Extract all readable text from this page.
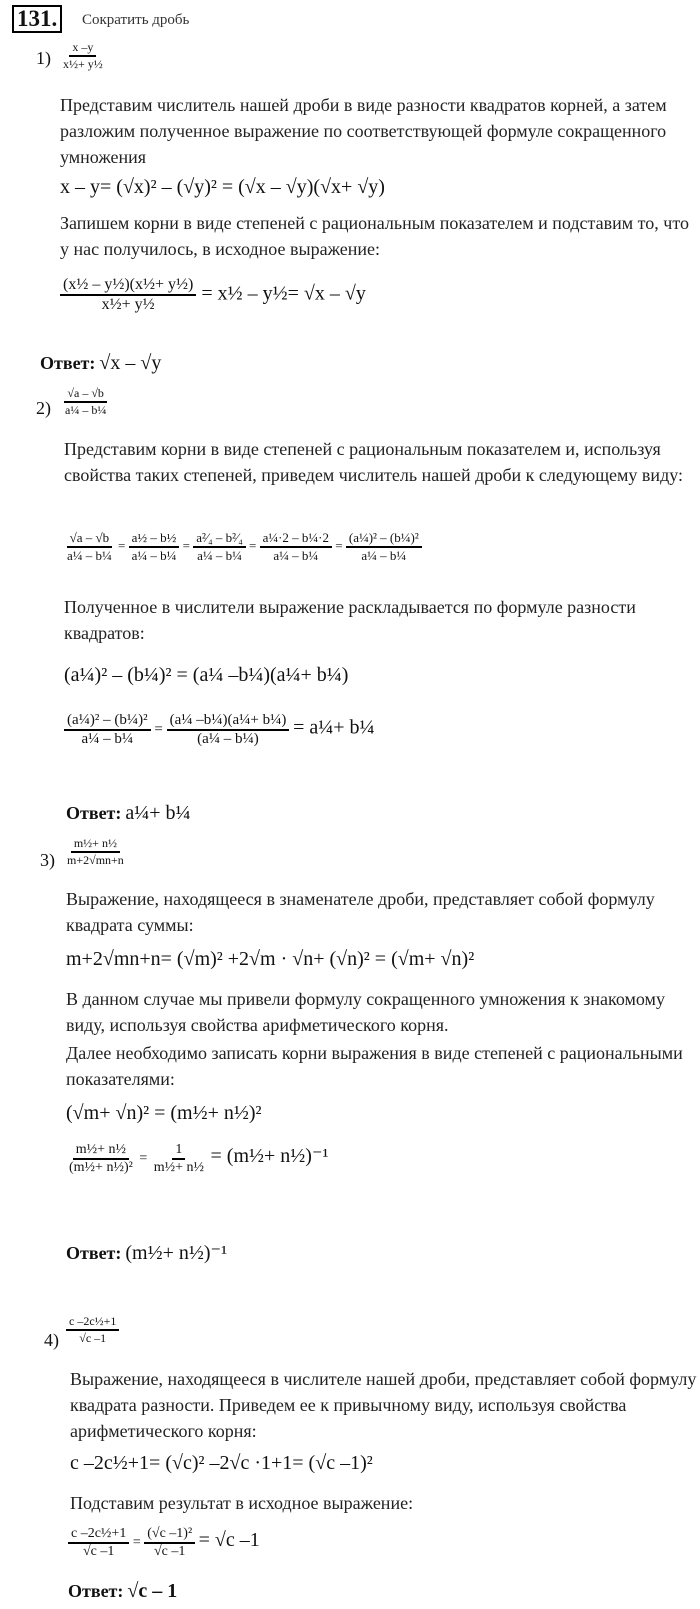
131.	Сократить дробь
$1) \frac{x -y}{\text{x½+ y½}}$
Представим числитель нашей дроби в виде разности квадратов корней, а затем разложим полученное выражение по соответствующей формуле сокращенного умножения
x – y= (√x)² – (√y)² = (√x – √y)(√x+ √y)
Запишем корни в виде степеней с рациональным показателем и подставим то, что у нас получилось, в исходное выражение:
$\frac{\text{(x½ – y½)(x½+ y½)}}{\text{x½+ y½}}$ = x½ – y½= √x – √y
Ответ: √x – √y
$2) \frac{√a - √b}{\text{a¼ – b¼}}$
Представим корни в виде степеней с рациональным показателем и, используя свойства таких степеней, приведем числитель нашей дроби к следующему виду:
$\frac{√a - √b}{\text{a¼ – b¼}} = \frac{\text{a½ – b½}}{\text{a¼ – b¼}} = \frac{\text{a²⁄₄ – b²⁄₄}}{\text{a¼ – b¼}} = \frac{\text{a¼·2 – b¼·2}}{\text{a¼ – b¼}} = \frac{\text{(a¼)² – (b¼)²}}{\text{a¼ – b¼}}$
Полученное в числители выражение раскладывается по формуле разности квадратов:
(a¼)² – (b¼)² = (a¼ –b¼)(a¼+ b¼)
$\frac{\text{(a¼)² – (b¼)²}}{\text{a¼ – b¼}} = \frac{\text{(a¼ –b¼)(a¼+ b¼)}}{\text{(a¼ – b¼)}}$ = a¼+ b¼
Ответ: a¼+ b¼
$3) \frac{\text{m½+ n½}}{m+2√mn+n}$
Выражение, находящееся в знаменателе дроби, представляет собой формулу квадрата суммы:
m+2√mn+n= (√m)² +2√m · √n+ (√n)² = (√m+ √n)²
В данном случае мы привели формулу сокращенного умножения к знакомому виду, используя свойства арифметического корня.
Далее необходимо записать корни выражения в виде степеней с рациональными показателями:
(√m+ √n)² = (m½+ n½)²
$\frac{\text{m½+ n½}}{\text{(m½+ n½)²}} = \frac{1}{\text{m½+ n½}}$ = (m½+ n½)⁻¹
Ответ: (m½+ n½)⁻¹
$4) \frac{\text{c –2c½+1}}{√c -1}$
Выражение, находящееся в числителе нашей дроби, представляет собой формулу квадрата разности. Приведем ее к привычному виду, используя свойства арифметического корня:
c –2c½+1= (√c)² –2√c ·1+1= (√c –1)²
Подставим результат в исходное выражение:
$\frac{\text{c –2c½+1}}{√c -1} = \frac{\text{(√c –1)²}}{√c -1} = √c$ –1
Ответ: √c – 1
